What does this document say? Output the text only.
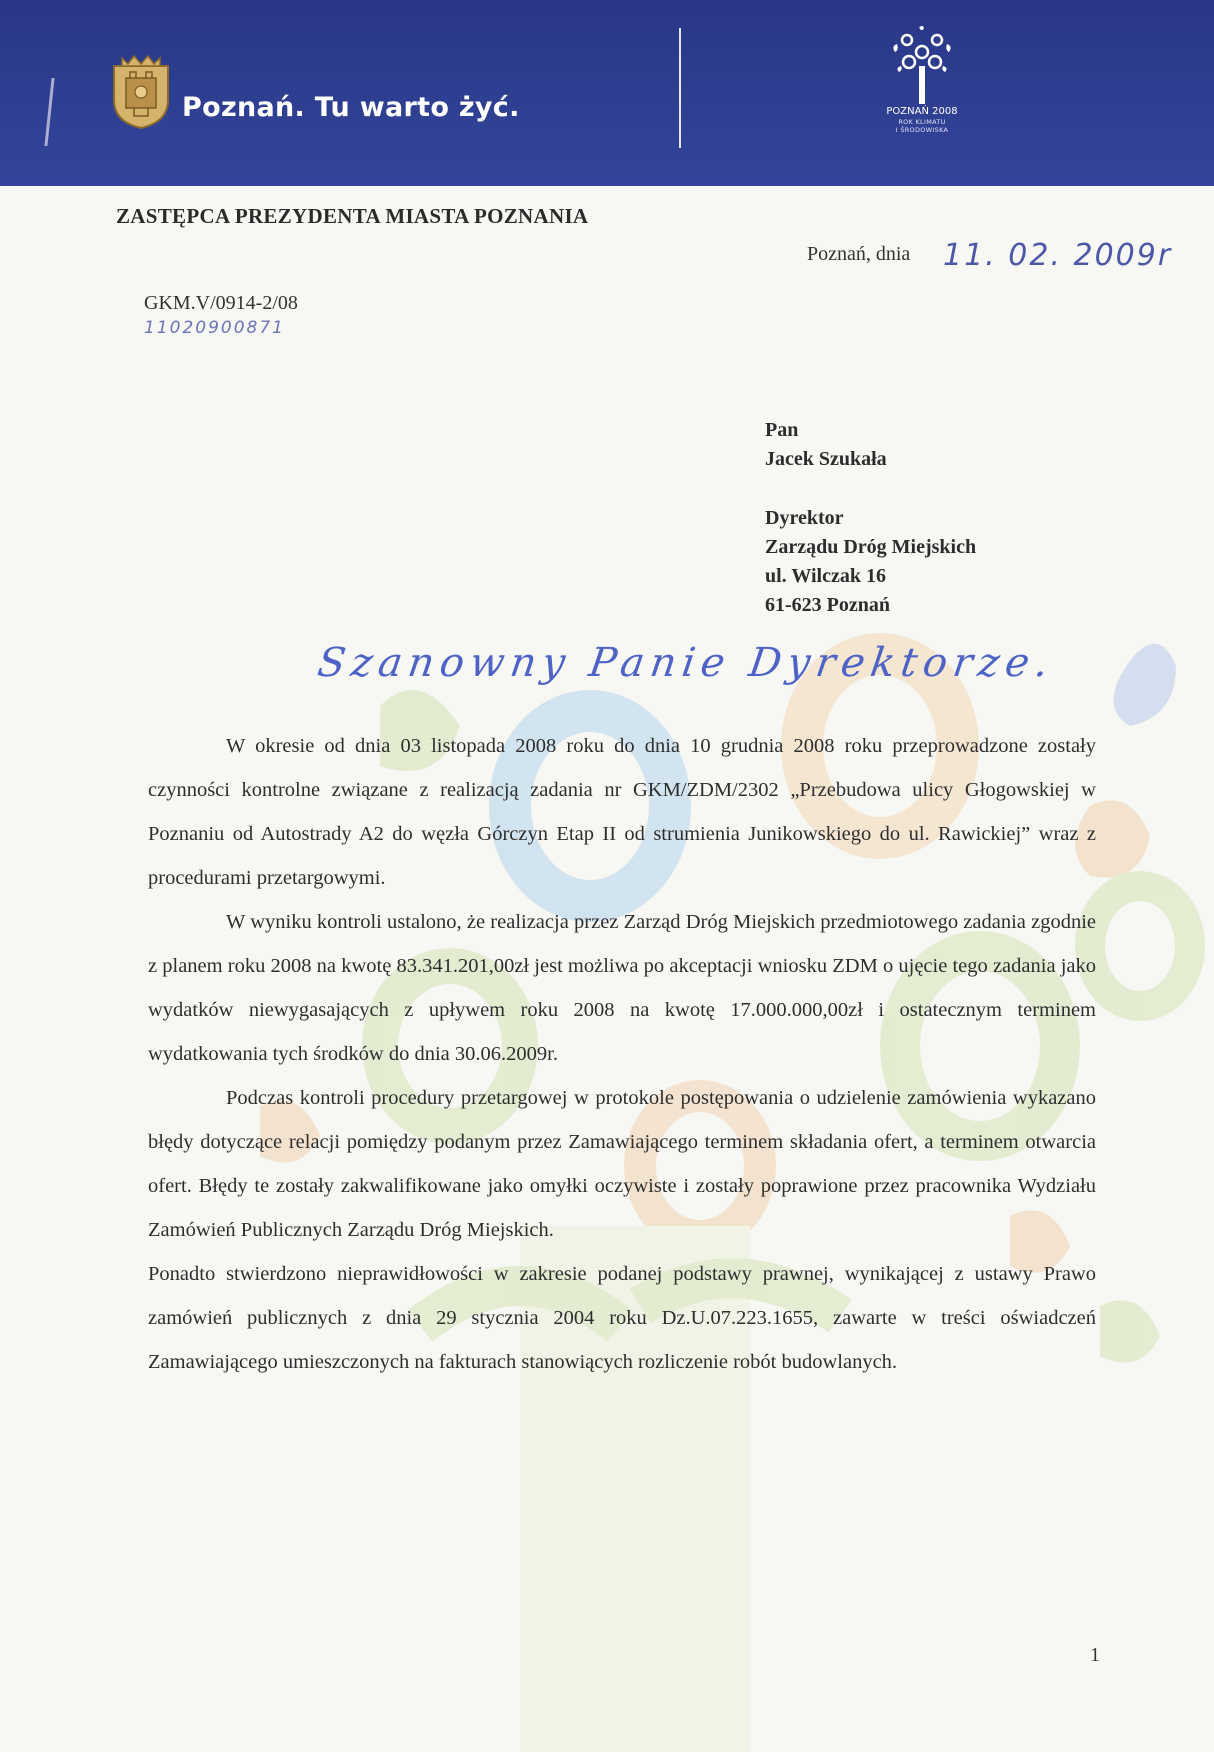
Poznań. Tu warto żyć.	POZNAŃ 2008
ROK KLIMATU
I ŚRODOWISKA
ZASTĘPCA PREZYDENTA MIASTA POZNANIA
Poznań, dnia 11. 02. 2009r
GKM.V/0914-2/08
11020900871
Pan
Jacek Szukała
Dyrektor
Zarządu Dróg Miejskich
ul. Wilczak 16
61-623 Poznań
Szanowny Panie Dyrektorze.

W okresie od dnia 03 listopada 2008 roku do dnia 10 grudnia 2008 roku przeprowadzone zostały czynności kontrolne związane z realizacją zadania nr GKM/ZDM/2302 „Przebudowa ulicy Głogowskiej w Poznaniu od Autostrady A2 do węzła Górczyn Etap II od strumienia Junikowskiego do ul. Rawickiej” wraz z procedurami przetargowymi.

W wyniku kontroli ustalono, że realizacja przez Zarząd Dróg Miejskich przedmiotowego zadania zgodnie z planem roku 2008 na kwotę 83.341.201,00zł jest możliwa po akceptacji wniosku ZDM o ujęcie tego zadania jako wydatków niewygasających z upływem roku 2008 na kwotę 17.000.000,00zł i ostatecznym terminem wydatkowania tych środków do dnia 30.06.2009r.

Podczas kontroli procedury przetargowej w protokole postępowania o udzielenie zamówienia wykazano błędy dotyczące relacji pomiędzy podanym przez Zamawiającego terminem składania ofert, a terminem otwarcia ofert. Błędy te zostały zakwalifikowane jako omyłki oczywiste i zostały poprawione przez pracownika Wydziału Zamówień Publicznych Zarządu Dróg Miejskich.

Ponadto stwierdzono nieprawidłowości w zakresie podanej podstawy prawnej, wynikającej z ustawy Prawo zamówień publicznych z dnia 29 stycznia 2004 roku Dz.U.07.223.1655, zawarte w treści oświadczeń Zamawiającego umieszczonych na fakturach stanowiących rozliczenie robót budowlanych.

1
